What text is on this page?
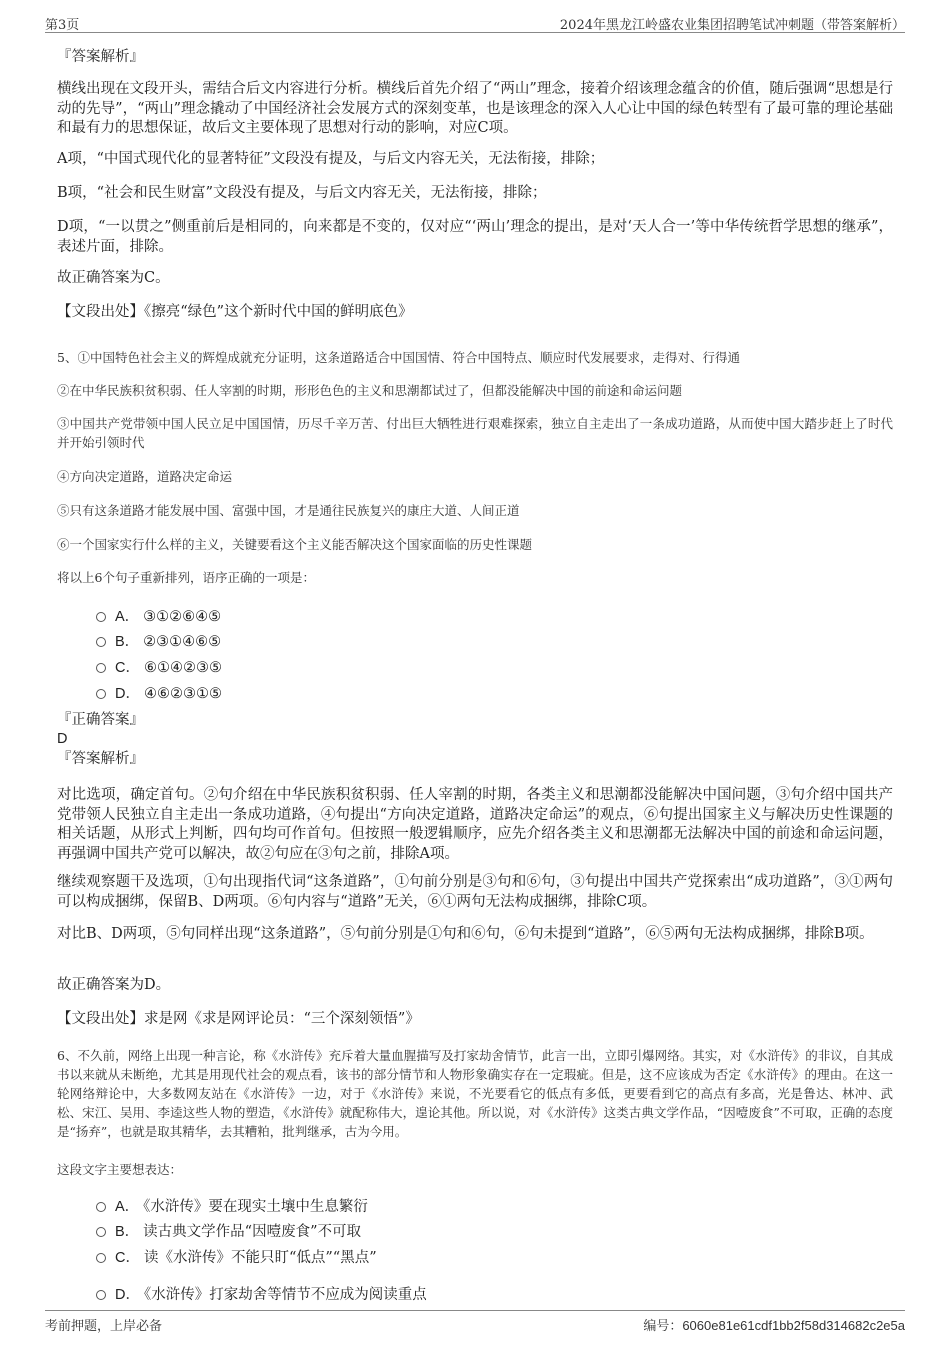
第3页	2024年黑龙江岭盛农业集团招聘笔试冲刺题（带答案解析）

『答案解析』

横线出现在文段开头，需结合后文内容进行分析。横线后首先介绍了“两山”理念，接着介绍该理念蕴含的价值，随后强调“思想是行动的先导”，“两山”理念撬动了中国经济社会发展方式的深刻变革，也是该理念的深入人心让中国的绿色转型有了最可靠的理论基础和最有力的思想保证，故后文主要体现了思想对行动的影响，对应C项。

A项，“中国式现代化的显著特征”文段没有提及，与后文内容无关，无法衔接，排除；

B项，“社会和民生财富”文段没有提及，与后文内容无关，无法衔接，排除；

D项，“一以贯之”侧重前后是相同的，向来都是不变的，仅对应“‘两山’理念的提出，是对‘天人合一’等中华传统哲学思想的继承”，表述片面，排除。

故正确答案为C。

【文段出处】《擦亮“绿色”这个新时代中国的鲜明底色》

5、①中国特色社会主义的辉煌成就充分证明，这条道路适合中国国情、符合中国特点、顺应时代发展要求，走得对、行得通

②在中华民族积贫积弱、任人宰割的时期，形形色色的主义和思潮都试过了，但都没能解决中国的前途和命运问题

③中国共产党带领中国人民立足中国国情，历尽千辛万苦、付出巨大牺牲进行艰难探索，独立自主走出了一条成功道路，从而使中国大踏步赶上了时代并开始引领时代

④方向决定道路，道路决定命运

⑤只有这条道路才能发展中国、富强中国，才是通往民族复兴的康庄大道、人间正道

⑥一个国家实行什么样的主义，关键要看这个主义能否解决这个国家面临的历史性课题

将以上6个句子重新排列，语序正确的一项是：

A． ③①②⑥④⑤
B． ②③①④⑥⑤
C． ⑥①④②③⑤
D． ④⑥②③①⑤

『正确答案』

D

『答案解析』

对比选项，确定首句。②句介绍在中华民族积贫积弱、任人宰割的时期，各类主义和思潮都没能解决中国问题，③句介绍中国共产党带领人民独立自主走出一条成功道路，④句提出“方向决定道路，道路决定命运”的观点，⑥句提出国家主义与解决历史性课题的相关话题，从形式上判断，四句均可作首句。但按照一般逻辑顺序，应先介绍各类主义和思潮都无法解决中国的前途和命运问题，再强调中国共产党可以解决，故②句应在③句之前，排除A项。

继续观察题干及选项，①句出现指代词“这条道路”，①句前分别是③句和⑥句，③句提出中国共产党探索出“成功道路”，③①两句可以构成捆绑，保留B、D两项。⑥句内容与“道路”无关，⑥①两句无法构成捆绑，排除C项。

对比B、D两项，⑤句同样出现“这条道路”，⑤句前分别是①句和⑥句，⑥句未提到“道路”，⑥⑤两句无法构成捆绑，排除B项。

故正确答案为D。

【文段出处】求是网《求是网评论员：“三个深刻领悟”》

6、不久前，网络上出现一种言论，称《水浒传》充斥着大量血腥描写及打家劫舍情节，此言一出，立即引爆网络。其实，对《水浒传》的非议，自其成书以来就从未断绝，尤其是用现代社会的观点看，该书的部分情节和人物形象确实存在一定瑕疵。但是，这不应该成为否定《水浒传》的理由。在这一轮网络辩论中，大多数网友站在《水浒传》一边，对于《水浒传》来说，不光要看它的低点有多低，更要看到它的高点有多高，光是鲁达、林冲、武松、宋江、吴用、李逵这些人物的塑造，《水浒传》就配称伟大，遑论其他。所以说，对《水浒传》这类古典文学作品，“因噎废食”不可取，正确的态度是“扬弃”，也就是取其精华，去其糟粕，批判继承，古为今用。

这段文字主要想表达：

A． 《水浒传》要在现实土壤中生息繁衍
B． 读古典文学作品“因噎废食”不可取
C． 读《水浒传》不能只盯“低点”“黑点”
D． 《水浒传》打家劫舍等情节不应成为阅读重点
考前押题，上岸必备	编号：6060e81e61cdf1bb2f58d314682c2e5a
